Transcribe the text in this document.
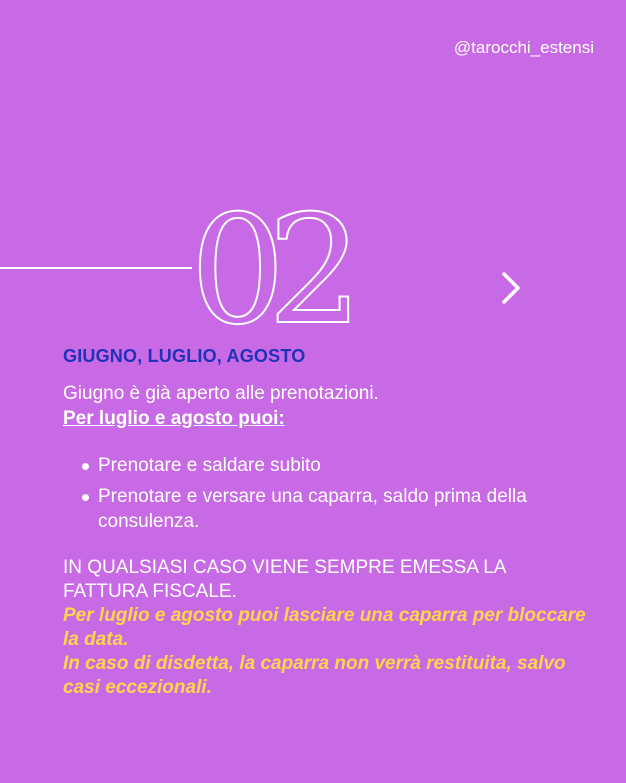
@tarocchi_estensi
02
GIUGNO, LUGLIO, AGOSTO
Giugno è già aperto alle prenotazioni.
Per luglio e agosto puoi:
Prenotare e saldare subito
Prenotare e versare una caparra, saldo prima della consulenza.
IN QUALSIASI CASO VIENE SEMPRE EMESSA LA FATTURA FISCALE.
Per luglio e agosto puoi lasciare una caparra per bloccare la data.
In caso di disdetta, la caparra non verrà restituita, salvo casi eccezionali.
